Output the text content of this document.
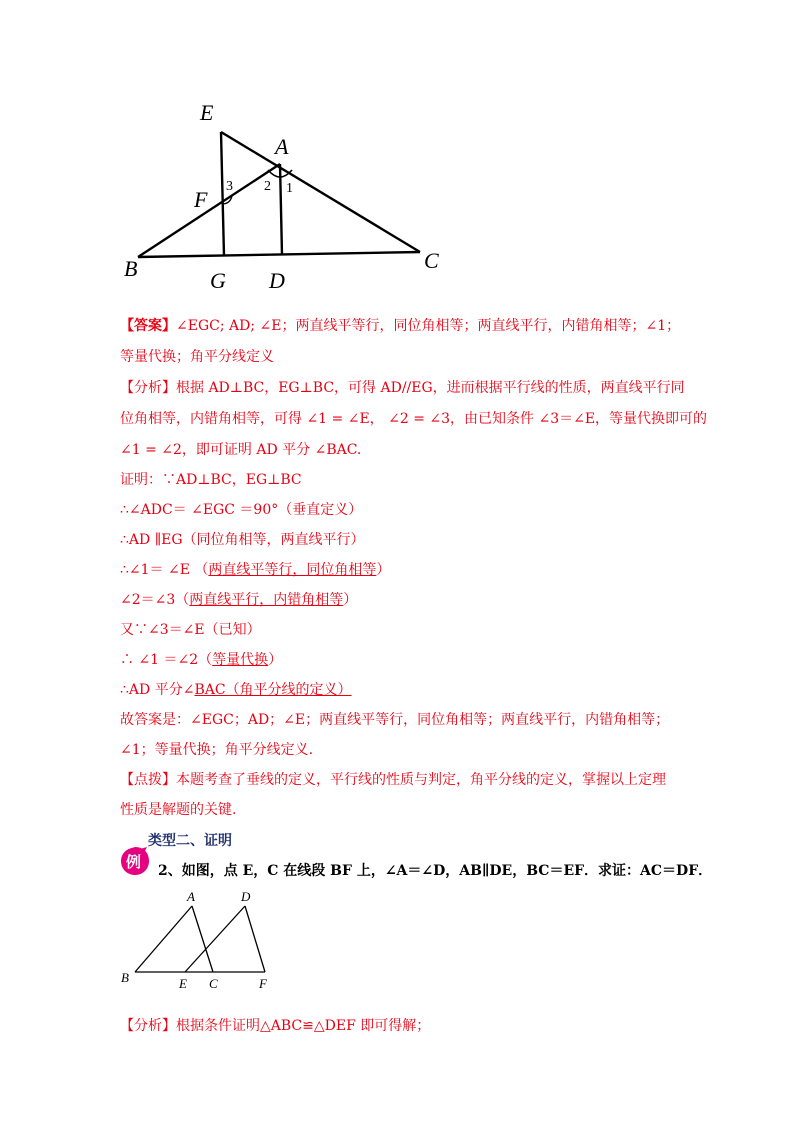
E
A
F
B	G D
C
3 2 1
【答案】∠EGC; AD; ∠E；两直线平等行，同位角相等；两直线平行，内错角相等；∠1；
等量代换；角平分线定义
【分析】根据 AD⊥BC，EG⊥BC，可得 AD//EG，进而根据平行线的性质，两直线平行同
位角相等，内错角相等，可得 ∠1 = ∠E， ∠2 = ∠3，由已知条件 ∠3＝∠E，等量代换即可的
∠1 = ∠2，即可证明 AD 平分 ∠BAC.
证明：∵AD⊥BC，EG⊥BC
∴∠ADC＝ ∠EGC ＝90°（垂直定义）
∴AD ∥EG（同位角相等，两直线平行）
∴∠1＝ ∠E （两直线平等行，同位角相等）
∠2＝∠3（两直线平行，内错角相等）
又∵∠3＝∠E（已知）
∴ ∠1 ＝∠2（等量代换）
∴AD 平分∠BAC（角平分线的定义）
故答案是：∠EGC；AD；∠E；两直线平等行，同位角相等；两直线平行，内错角相等；
∠1；等量代换；角平分线定义.
【点拨】本题考查了垂线的定义，平行线的性质与判定，角平分线的定义，掌握以上定理
性质是解题的关键.
类型二、证明
例 2、如图，点 E，C 在线段 BF 上，∠A＝∠D，AB∥DE，BC＝EF．求证：AC＝DF．
A	D
B	E C	F
【分析】根据条件证明△ABC≌△DEF 即可得解；
